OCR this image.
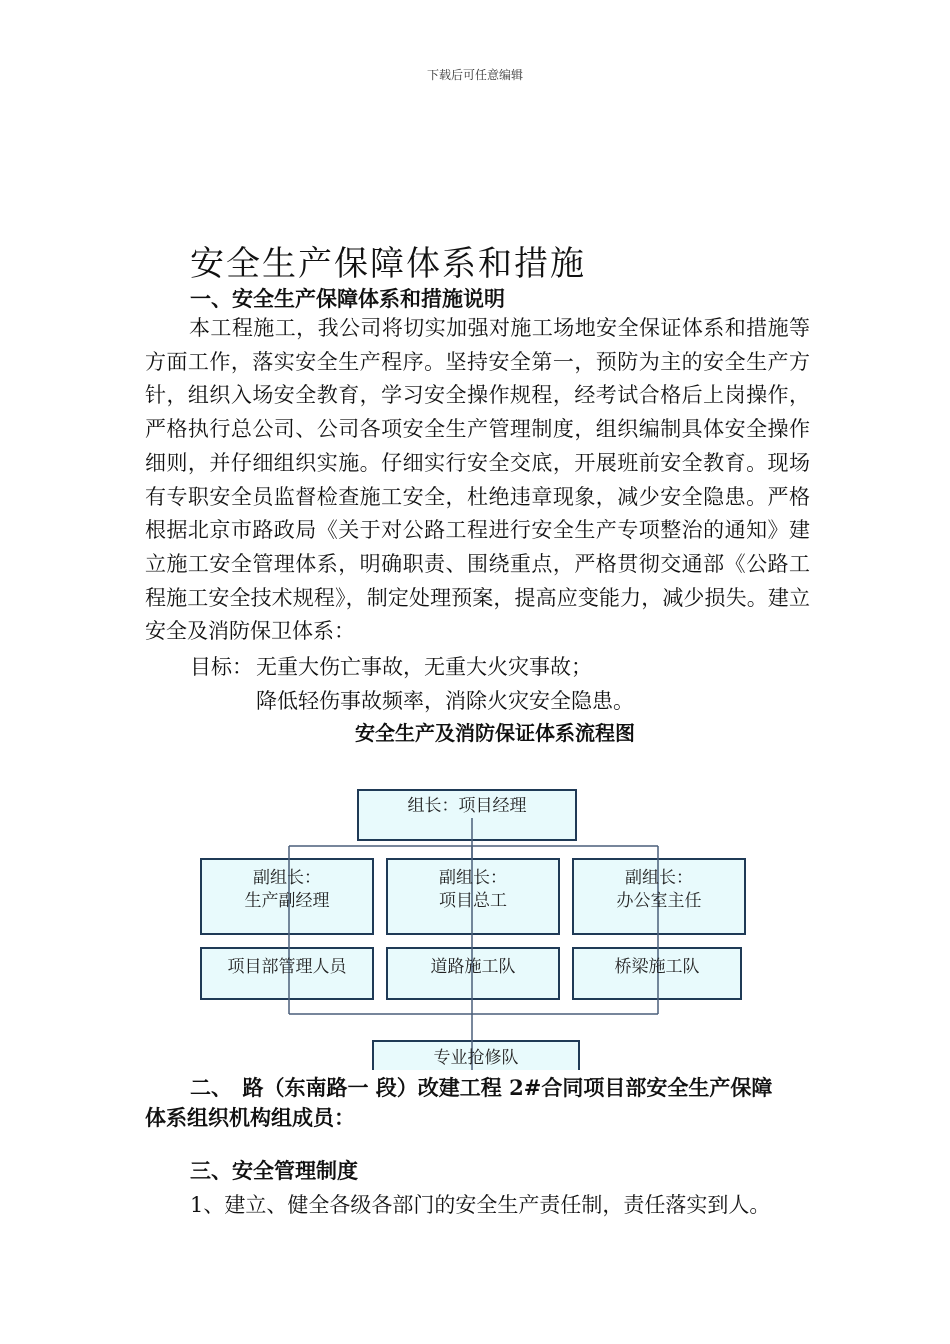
下载后可任意编辑
安全生产保障体系和措施
一、安全生产保障体系和措施说明
本工程施工，我公司将切实加强对施工场地安全保证体系和措施等方面工作，落实安全生产程序。坚持安全第一，预防为主的安全生产方针，组织入场安全教育，学习安全操作规程，经考试合格后上岗操作，严格执行总公司、公司各项安全生产管理制度，组织编制具体安全操作细则，并仔细组织实施。仔细实行安全交底，开展班前安全教育。现场有专职安全员监督检查施工安全，杜绝违章现象，减少安全隐患。严格根据北京市路政局《关于对公路工程进行安全生产专项整治的通知》建立施工安全管理体系，明确职责、围绕重点，严格贯彻交通部《公路工程施工安全技术规程》，制定处理预案，提高应变能力，减少损失。建立安全及消防保卫体系：
目标： 无重大伤亡事故，无重大火灾事故；
降低轻伤事故频率，消除火灾安全隐患。
安全生产及消防保证体系流程图
组长：项目经理
副组长：
生产副经理
副组长：
项目总工
副组长：
办公室主任
项目部管理人员	道路施工队	桥梁施工队
专业抢修队
二、　路（东南路一 段）改建工程 2#合同项目部安全生产保障
体系组织机构组成员：
三、安全管理制度
1、建立、健全各级各部门的安全生产责任制，责任落实到人。
